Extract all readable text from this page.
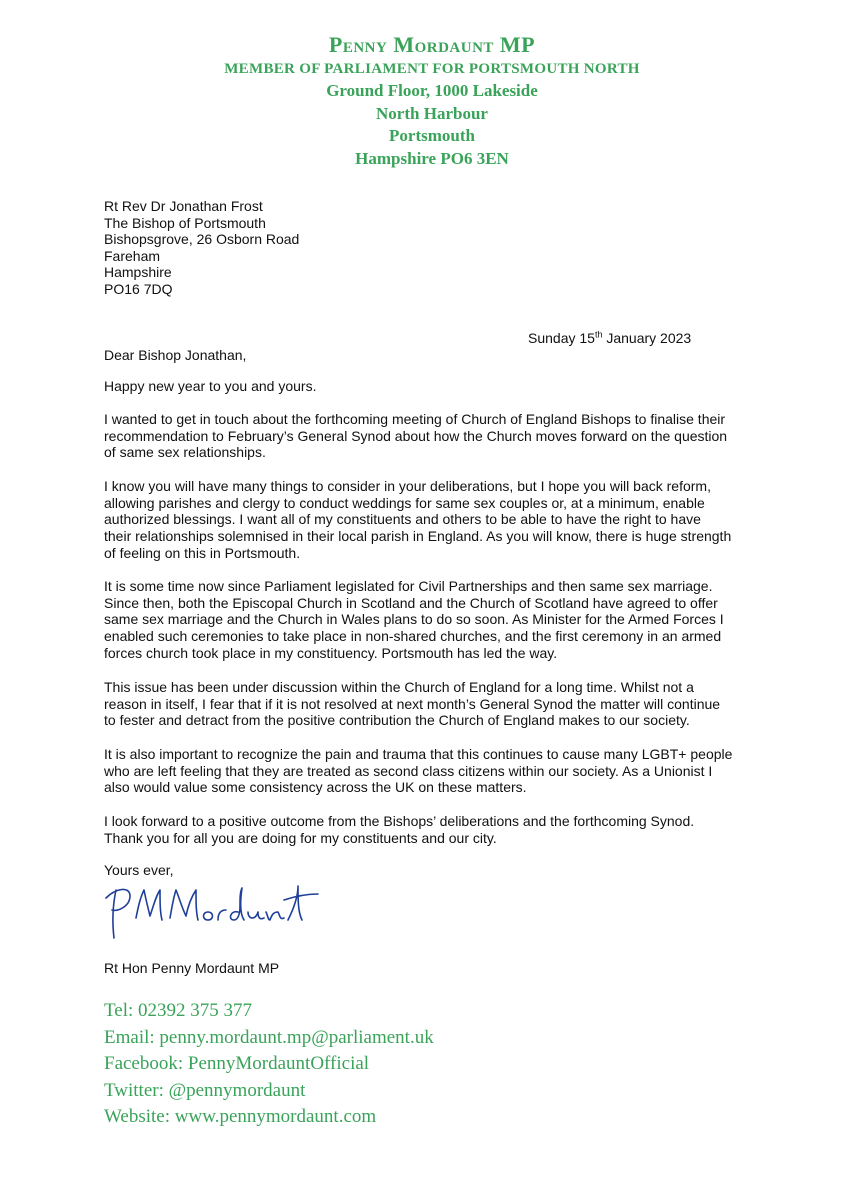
Penny Mordaunt MP
MEMBER OF PARLIAMENT FOR PORTSMOUTH NORTH
Ground Floor, 1000 Lakeside
North Harbour
Portsmouth
Hampshire PO6 3EN
Rt Rev Dr Jonathan Frost
The Bishop of Portsmouth
Bishopsgrove, 26 Osborn Road
Fareham
Hampshire
PO16 7DQ
Sunday 15th January 2023
Dear Bishop Jonathan,
Happy new year to you and yours.
I wanted to get in touch about the forthcoming meeting of Church of England Bishops to finalise their
recommendation to February’s General Synod about how the Church moves forward on the question
of same sex relationships.
I know you will have many things to consider in your deliberations, but I hope you will back reform,
allowing parishes and clergy to conduct weddings for same sex couples or, at a minimum, enable
authorized blessings. I want all of my constituents and others to be able to have the right to have
their relationships solemnised in their local parish in England. As you will know, there is huge strength
of feeling on this in Portsmouth.
It is some time now since Parliament legislated for Civil Partnerships and then same sex marriage.
Since then, both the Episcopal Church in Scotland and the Church of Scotland have agreed to offer
same sex marriage and the Church in Wales plans to do so soon. As Minister for the Armed Forces I
enabled such ceremonies to take place in non-shared churches, and the first ceremony in an armed
forces church took place in my constituency. Portsmouth has led the way.
This issue has been under discussion within the Church of England for a long time. Whilst not a
reason in itself, I fear that if it is not resolved at next month’s General Synod the matter will continue
to fester and detract from the positive contribution the Church of England makes to our society.
It is also important to recognize the pain and trauma that this continues to cause many LGBT+ people
who are left feeling that they are treated as second class citizens within our society. As a Unionist I
also would value some consistency across the UK on these matters.
I look forward to a positive outcome from the Bishops’ deliberations and the forthcoming Synod.
Thank you for all you are doing for my constituents and our city.
Yours ever,
Rt Hon Penny Mordaunt MP
Tel: 02392 375 377
Email: penny.mordaunt.mp@parliament.uk
Facebook: PennyMordauntOfficial
Twitter: @pennymordaunt
Website: www.pennymordaunt.com
